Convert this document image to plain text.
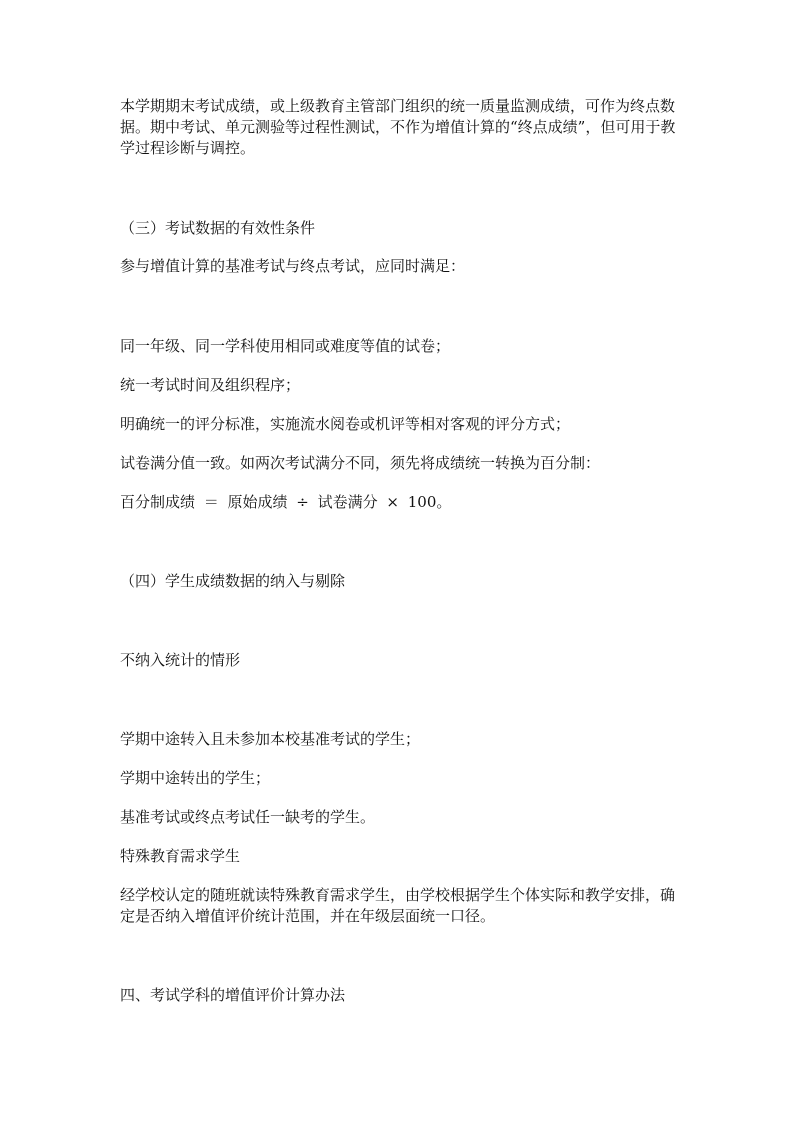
本学期期末考试成绩，或上级教育主管部门组织的统一质量监测成绩，可作为终点数据。期中考试、单元测验等过程性测试，不作为增值计算的“终点成绩”，但可用于教学过程诊断与调控。

（三）考试数据的有效性条件

参与增值计算的基准考试与终点考试，应同时满足：

同一年级、同一学科使用相同或难度等值的试卷；

统一考试时间及组织程序；

明确统一的评分标准，实施流水阅卷或机评等相对客观的评分方式；

试卷满分值一致。如两次考试满分不同，须先将成绩统一转换为百分制：

百分制成绩 ＝ 原始成绩 ÷ 试卷满分 × 100。

（四）学生成绩数据的纳入与剔除

不纳入统计的情形

学期中途转入且未参加本校基准考试的学生；

学期中途转出的学生；

基准考试或终点考试任一缺考的学生。

特殊教育需求学生

经学校认定的随班就读特殊教育需求学生，由学校根据学生个体实际和教学安排，确定是否纳入增值评价统计范围，并在年级层面统一口径。

四、考试学科的增值评价计算办法
